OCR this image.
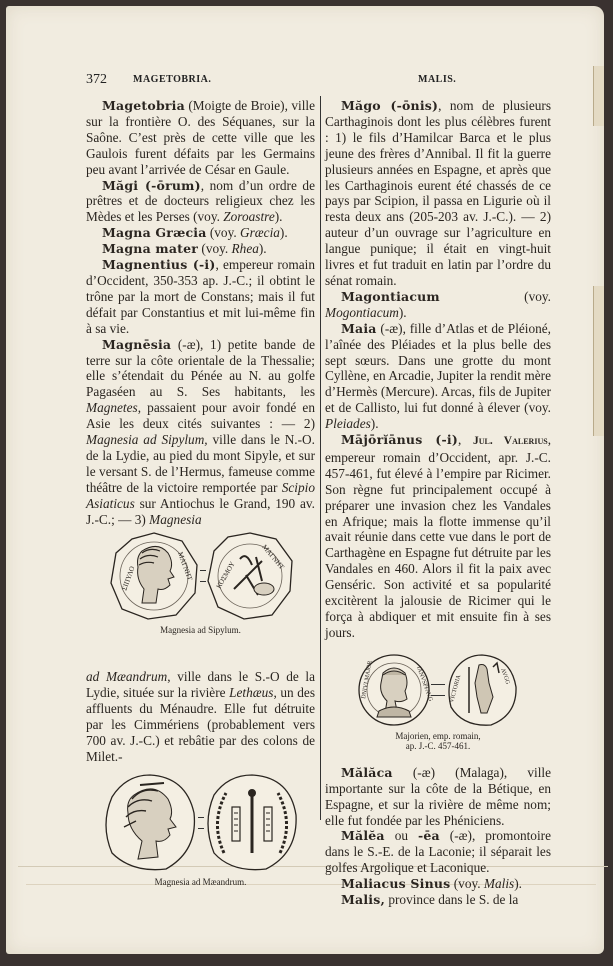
372	MAGETOBRIA.	MALIS.

Magetobria (Moigte de Broie), ville sur la frontière O. des Séquanes, sur la Saône. C’est près de cette ville que les Gaulois furent défaits par les Germains peu avant l’arrivée de César en Gaule.

Măgi (-ōrum), nom d’un ordre de prêtres et de docteurs religieux chez les Mèdes et les Perses (voy. Zoroastre).

Magna Græcia (voy. Græcia).

Magna mater (voy. Rhea).

Magnentius (-i), empereur romain d’Occident, 350-353 ap. J.-C.; il obtint le trône par la mort de Constans; mais il fut défait par Constantius et mit lui-même fin à sa vie.

Magnēsia (-æ), 1) petite bande de terre sur la côte orientale de la Thessalie; elle s’étendait du Pénée au N. au golfe Pagaséen au S. Ses habitants, les Magnetes, passaient pour avoir fondé en Asie les deux cités suivantes : — 2) Magnesia ad Sipylum, ville dans le N.-O. de la Lydie, au pied du mont Sipyle, et sur le versant S. de l’Hermus, fameuse comme théâtre de la victoire remportée par Scipio Asiaticus sur Antiochus le Grand, 190 av. J.-C.; — 3) Magnesia

ΣΙΠΥΛΟ	ΜΑΓΝΗΤ	ΚΟΣΜΟΥ
ΜΑΓΝΗΤ
Magnesia ad Sipylum.

ad Mæandrum, ville dans le S.-O de la Lydie, située sur la rivière Lethæus, un des affluents du Ménaudre. Elle fut détruite par les Cimmériens (probablement vers 700 av. J.-C.) et rebâtie par des colons de Milet.-

Magnesia ad Mæandrum.

Măgo (-ōnis), nom de plusieurs Carthaginois dont les plus célèbres furent : 1) le fils d’Hamilcar Barca et le plus jeune des frères d’Annibal. Il fit la guerre plusieurs années en Espagne, et après que les Carthaginois eurent été chassés de ce pays par Scipion, il passa en Ligurie où il resta deux ans (205-203 av. J.-C.). — 2) auteur d’un ouvrage sur l’agriculture en langue punique; il était en vingt-huit livres et fut traduit en latin par l’ordre du sénat romain.

Magontiacum (voy. Mogontiacum).

Maia (-æ), fille d’Atlas et de Pléioné, l’aînée des Pléiades et la plus belle des sept sœurs. Dans une grotte du mont Cyllène, en Arcadie, Jupiter la rendit mère d’Hermès (Mercure). Arcas, fils de Jupiter et de Callisto, lui fut donné à élever (voy. Pleiades).

Mājōrĭānus (-i), Jul. Valerius, empereur romain d’Occident, apr. J.-C. 457-461, fut élevé à l’empire par Ricimer. Son règne fut principalement occupé à préparer une invasion chez les Vandales en Afrique; mais la flotte immense qu’il avait réunie dans cette vue dans le port de Carthagène en Espagne fut détruite par les Vandales en 460. Alors il fit la paix avec Genséric. Son activité et sa popularité excitèrent la jalousie de Ricimer qui le força à abdiquer et mit ensuite fin à ses jours.

DNIVLMAIOR	IANVSPFAVG	VICTORIA	AVGG
Majorien, emp. romain,
ap. J.-C. 457-461.

Mălăca (-æ) (Malaga), ville importante sur la côte de la Bétique, en Espagne, et sur la rivière de même nom; elle fut fondée par les Phéniciens.

Mălĕa ou -ēa (-æ), promontoire dans le S.-E. de la Laconie; il séparait les golfes Argolique et Laconique.

Maliacus Sinus (voy. Malis).

Malis, province dans le S. de la
